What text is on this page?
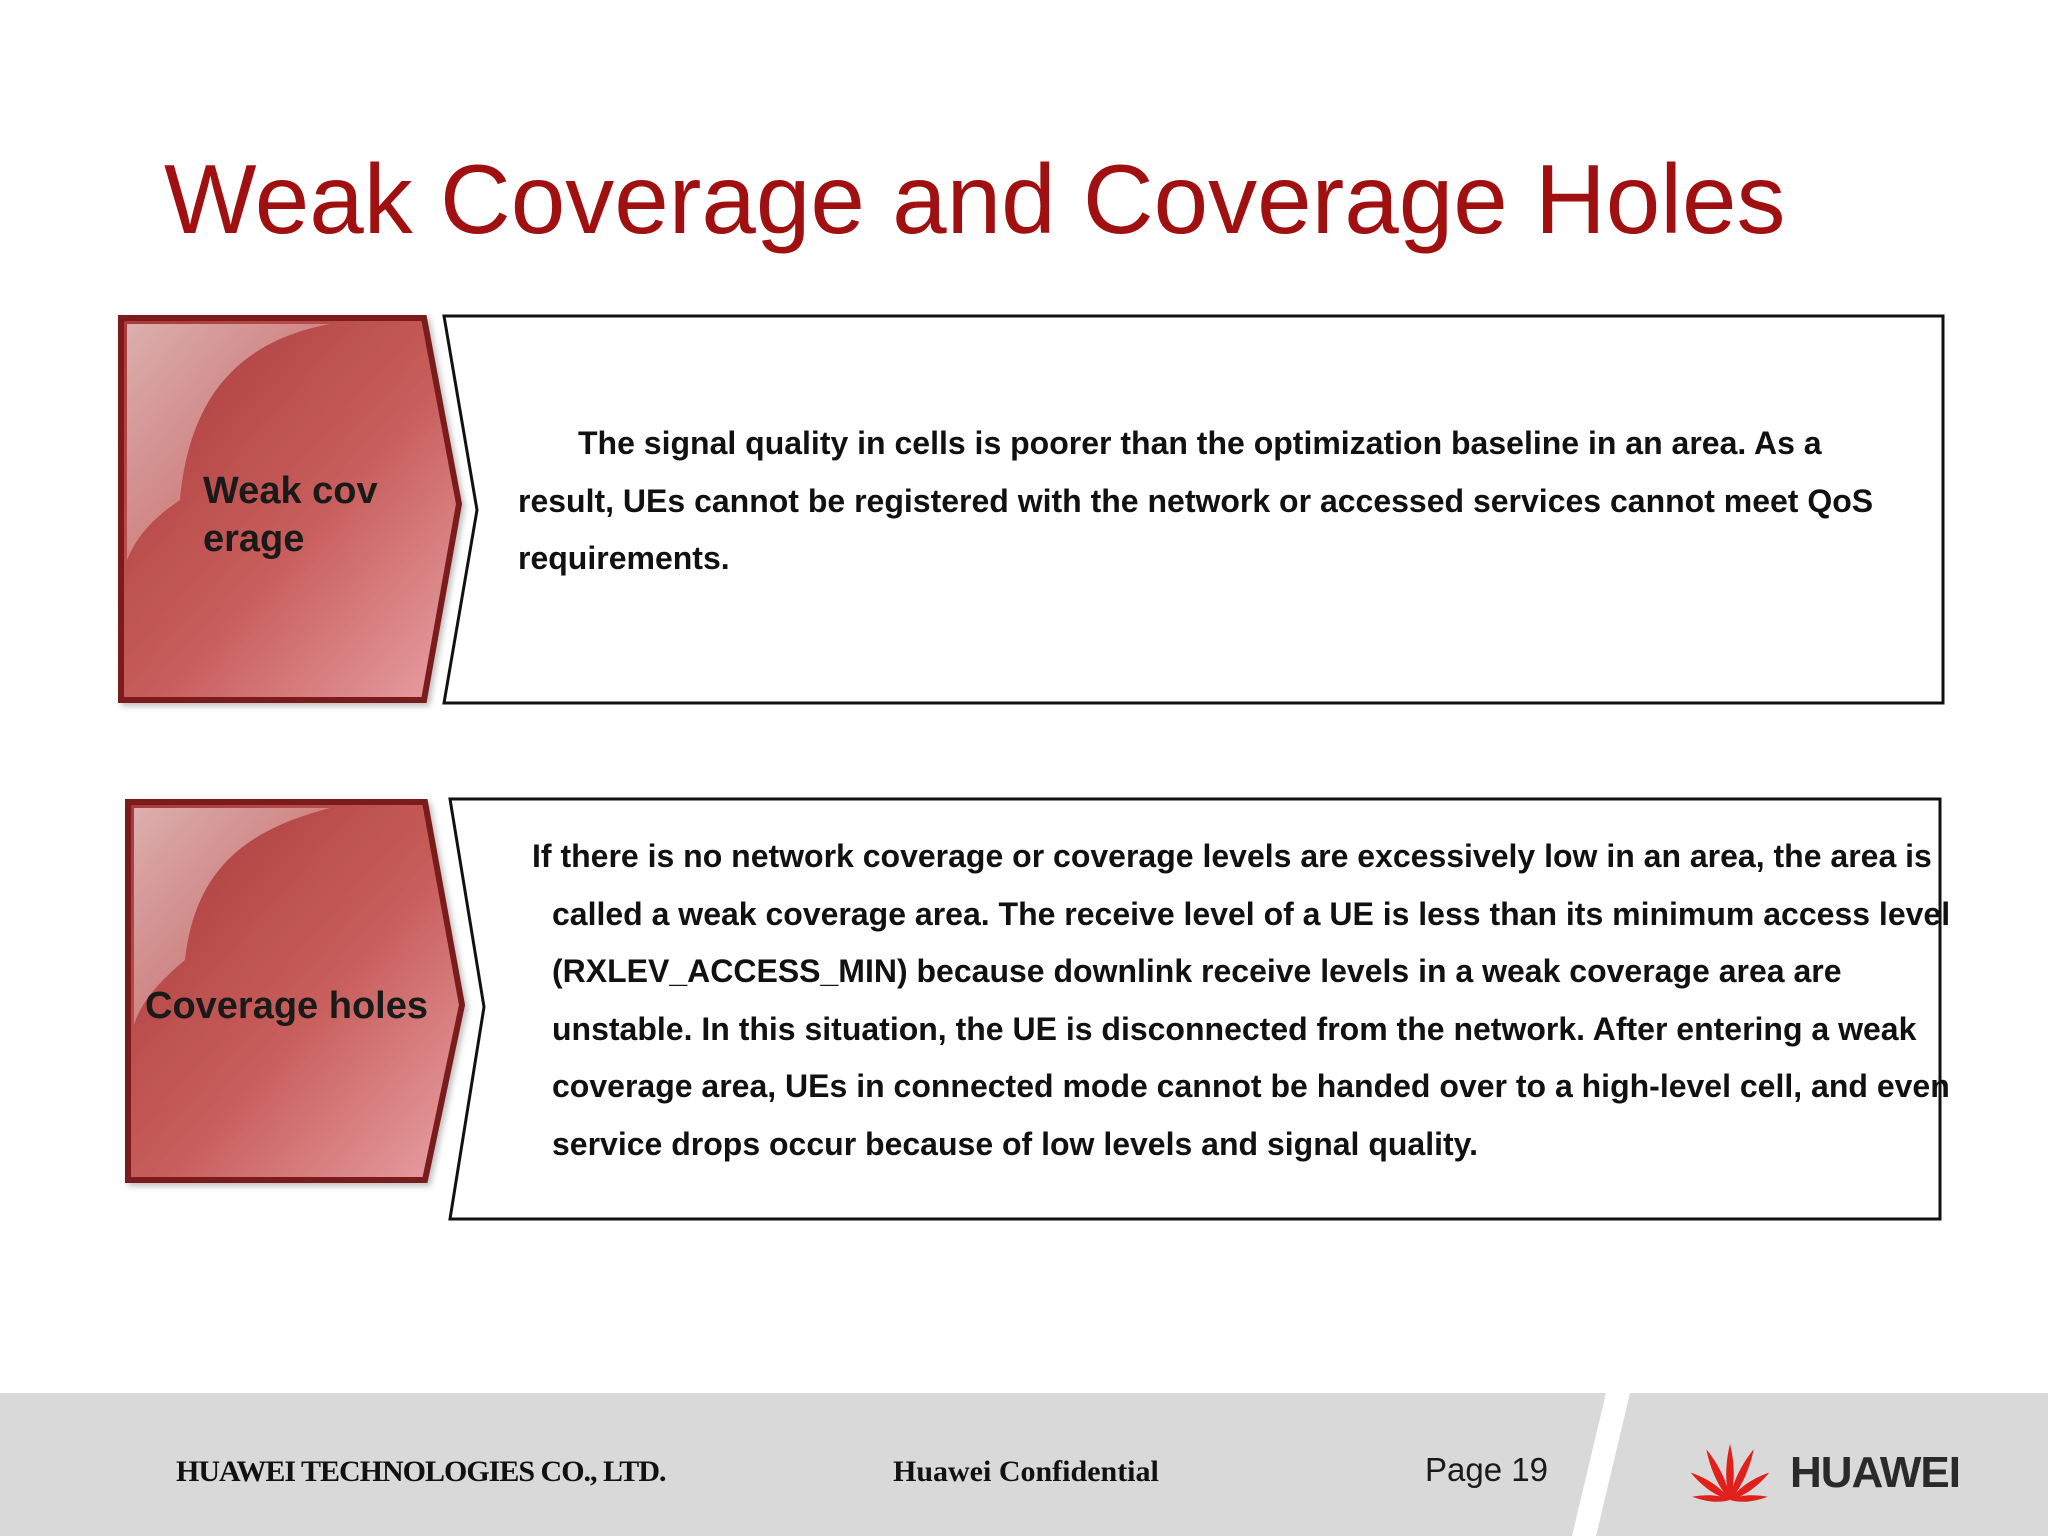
Weak Coverage and Coverage Holes
Weak coverage
The signal quality in cells is poorer than the optimization baseline in an area. As a result, UEs cannot be registered with the network or accessed services cannot meet QoS requirements.
Coverage holes
If there is no network coverage or coverage levels are excessively low in an area, the area is called a weak coverage area. The receive level of a UE is less than its minimum access level (RXLEV_ACCESS_MIN) because downlink receive levels in a weak coverage area are unstable. In this situation, the UE is disconnected from the network. After entering a weak coverage area, UEs in connected mode cannot be handed over to a high-level cell, and even service drops occur because of low levels and signal quality.
HUAWEI TECHNOLOGIES CO., LTD.	Huawei Confidential	Page 19	HUAWEI
